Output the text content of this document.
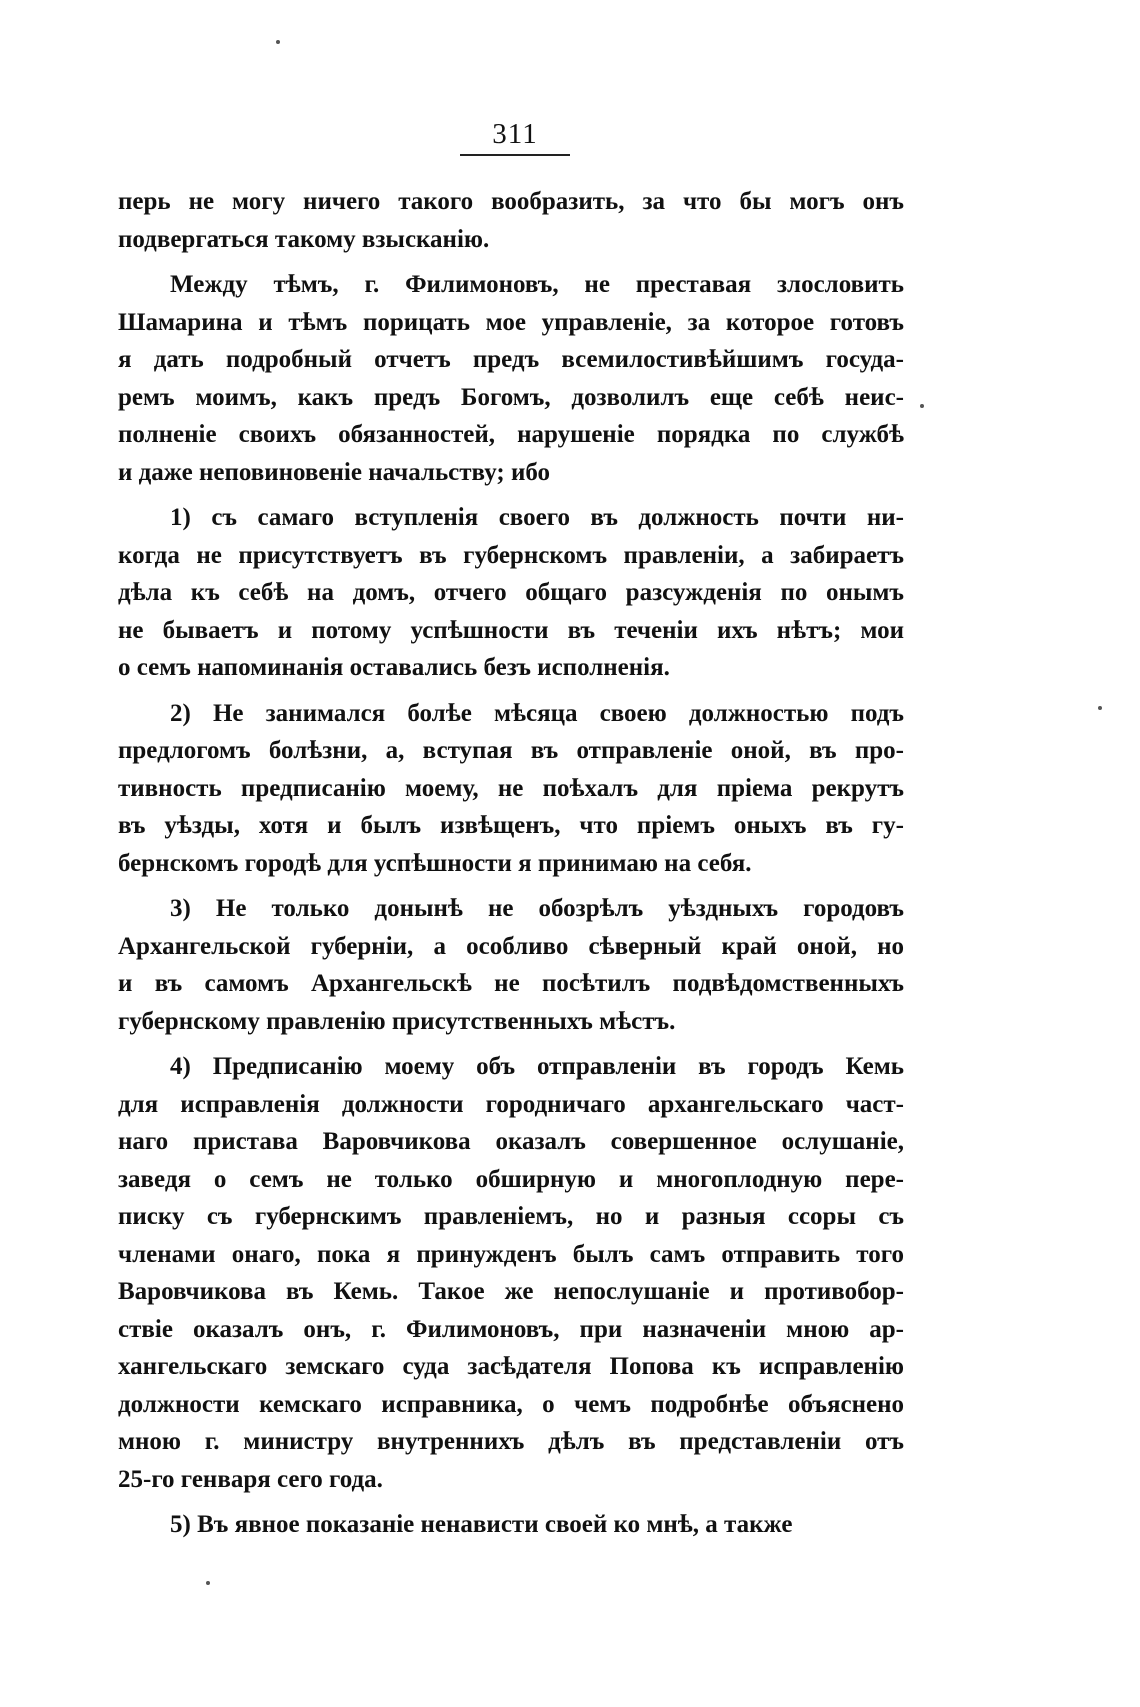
311
перь не могу ничего такого вообразить, за что бы могъ онъ
подвергаться такому взысканію.
Между тѣмъ, г. Филимоновъ, не преставая злословить
Шамарина и тѣмъ порицать мое управленіе, за которое готовъ
я дать подробный отчетъ предъ всемилостивѣйшимъ госуда-
ремъ моимъ, какъ предъ Богомъ, дозволилъ еще себѣ неис-
полненіе своихъ обязанностей, нарушеніе порядка по службѣ
и даже неповиновеніе начальству; ибо
1) съ самаго вступленія своего въ должность почти ни-
когда не присутствуетъ въ губернскомъ правленіи, а забираетъ
дѣла къ себѣ на домъ, отчего общаго разсужденія по онымъ
не бываетъ и потому успѣшности въ теченіи ихъ нѣтъ; мои
о семъ напоминанія оставались безъ исполненія.
2) Не занимался болѣе мѣсяца своею должностью подъ
предлогомъ болѣзни, а, вступая въ отправленіе оной, въ про-
тивность предписанію моему, не поѣхалъ для пріема рекрутъ
въ уѣзды, хотя и былъ извѣщенъ, что пріемъ оныхъ въ гу-
бернскомъ городѣ для успѣшности я принимаю на себя.
3) Не только донынѣ не обозрѣлъ уѣздныхъ городовъ
Архангельской губерніи, а особливо сѣверный край оной, но
и въ самомъ Архангельскѣ не посѣтилъ подвѣдомственныхъ
губернскому правленію присутственныхъ мѣстъ.
4) Предписанію моему объ отправленіи въ городъ Кемь
для исправленія должности городничаго архангельскаго част-
наго пристава Варовчикова оказалъ совершенное ослушаніе,
заведя о семъ не только обширную и многоплодную пере-
писку съ губернскимъ правленіемъ, но и разныя ссоры съ
членами онаго, пока я принужденъ былъ самъ отправить того
Варовчикова въ Кемь. Такое же непослушаніе и противобор-
ствіе оказалъ онъ, г. Филимоновъ, при назначеніи мною ар-
хангельскаго земскаго суда засѣдателя Попова къ исправленію
должности кемскаго исправника, о чемъ подробнѣе объяснено
мною г. министру внутреннихъ дѣлъ въ представленіи отъ
25-го генваря сего года.
5) Въ явное показаніе ненависти своей ко мнѣ, а также
